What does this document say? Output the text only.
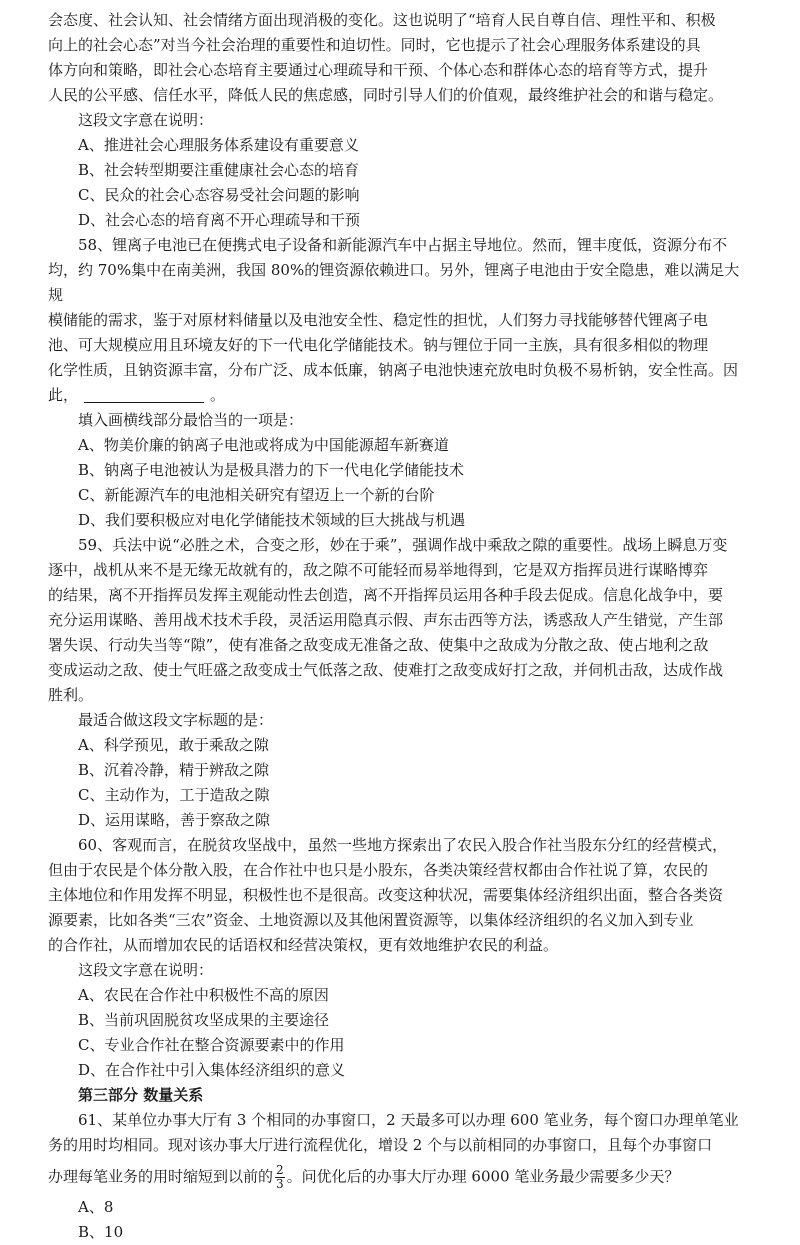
会态度、社会认知、社会情绪方面出现消极的变化。这也说明了“培育人民自尊自信、理性平和、积极

向上的社会心态”对当今社会治理的重要性和迫切性。同时，它也提示了社会心理服务体系建设的具

体方向和策略，即社会心态培育主要通过心理疏导和干预、个体心态和群体心态的培育等方式，提升

人民的公平感、信任水平，降低人民的焦虑感，同时引导人们的价值观，最终维护社会的和谐与稳定。

这段文字意在说明：

A、推进社会心理服务体系建设有重要意义

B、社会转型期要注重健康社会心态的培育

C、民众的社会心态容易受社会问题的影响

D、社会心态的培育离不开心理疏导和干预

58、锂离子电池已在便携式电子设备和新能源汽车中占据主导地位。然而，锂丰度低，资源分布不

均，约 70%集中在南美洲，我国 80%的锂资源依赖进口。另外，锂离子电池由于安全隐患，难以满足大规

模储能的需求，鉴于对原材料储量以及电池安全性、稳定性的担忧，人们努力寻找能够替代锂离子电

池、可大规模应用且环境友好的下一代电化学储能技术。钠与锂位于同一主族，具有很多相似的物理

化学性质，且钠资源丰富，分布广泛、成本低廉，钠离子电池快速充放电时负极不易析钠，安全性高。因

此，	。

填入画横线部分最恰当的一项是：

A、物美价廉的钠离子电池或将成为中国能源超车新赛道

B、钠离子电池被认为是极具潜力的下一代电化学储能技术

C、新能源汽车的电池相关研究有望迈上一个新的台阶

D、我们要积极应对电化学储能技术领域的巨大挑战与机遇

59、兵法中说“必胜之术，合变之形，妙在于乘”，强调作战中乘敌之隙的重要性。战场上瞬息万变

逐中，战机从来不是无缘无故就有的，敌之隙不可能轻而易举地得到，它是双方指挥员进行谋略博弈

的结果，离不开指挥员发挥主观能动性去创造，离不开指挥员运用各种手段去促成。信息化战争中，要

充分运用谋略、善用战术技术手段，灵活运用隐真示假、声东击西等方法，诱惑敌人产生错觉，产生部

署失误、行动失当等“隙”，使有准备之敌变成无准备之敌、使集中之敌成为分散之敌、使占地利之敌

变成运动之敌、使士气旺盛之敌变成士气低落之敌、使难打之敌变成好打之敌，并伺机击敌，达成作战

胜利。

最适合做这段文字标题的是：

A、科学预见，敢于乘敌之隙

B、沉着冷静，精于辨敌之隙

C、主动作为，工于造敌之隙

D、运用谋略，善于察敌之隙

60、客观而言，在脱贫攻坚战中，虽然一些地方探索出了农民入股合作社当股东分红的经营模式，

但由于农民是个体分散入股，在合作社中也只是小股东，各类决策经营权都由合作社说了算，农民的

主体地位和作用发挥不明显，积极性也不是很高。改变这种状况，需要集体经济组织出面，整合各类资

源要素，比如各类“三农”资金、土地资源以及其他闲置资源等，以集体经济组织的名义加入到专业

的合作社，从而增加农民的话语权和经营决策权，更有效地维护农民的利益。

这段文字意在说明：

A、农民在合作社中积极性不高的原因

B、当前巩固脱贫攻坚成果的主要途径

C、专业合作社在整合资源要素中的作用

D、在合作社中引入集体经济组织的意义

第三部分 数量关系

61、某单位办事大厅有 3 个相同的办事窗口，2 天最多可以办理 600 笔业务，每个窗口办理单笔业

务的用时均相同。现对该办事大厅进行流程优化，增设 2 个与以前相同的办事窗口，且每个办事窗口

办理每笔业务的用时缩短到以前的 $\frac{2}{3}$ 。问优化后的办事大厅办理 6000 笔业务最少需要多少天？

A、8

B、10
